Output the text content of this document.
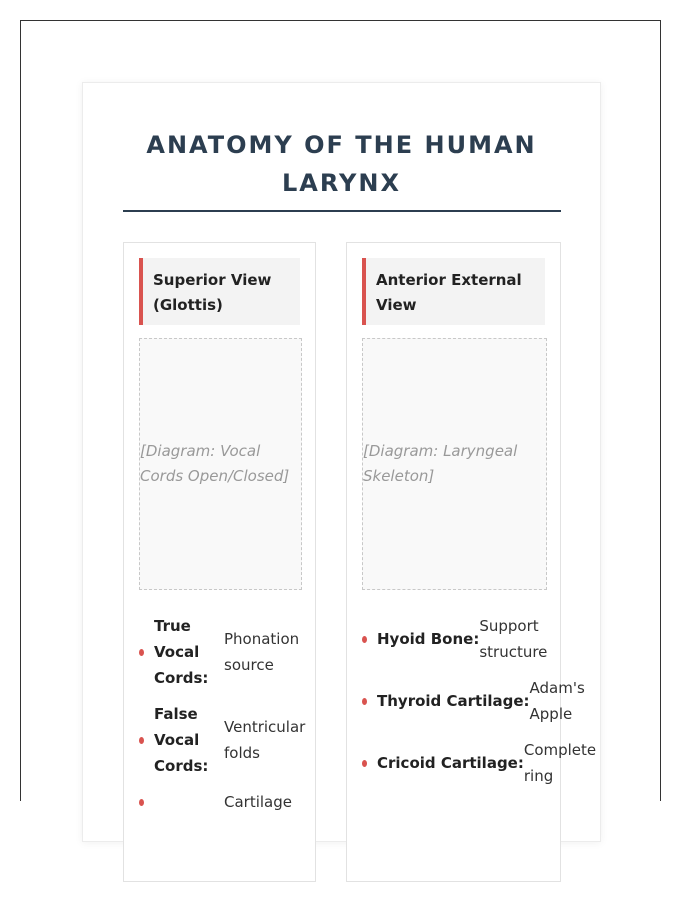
ANATOMY OF THE HUMAN LARYNX
Superior View (Glottis)
[Diagram: Vocal Cords Open/Closed]
True Vocal Cords:
Phonation source
False Vocal Cords:
Ventricular folds
Cartilage
Anterior External View
[Diagram: Laryngeal Skeleton]
Hyoid Bone:
Support structure
Thyroid Cartilage:
Adam's Apple
Cricoid Cartilage:
Complete ring
